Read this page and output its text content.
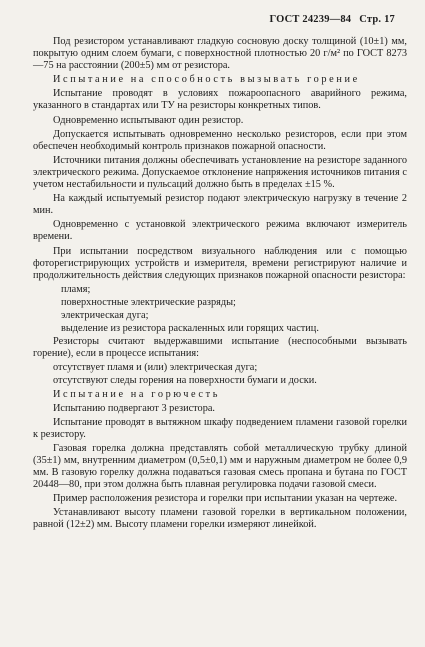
ГОСТ 24239—84 Стр. 17

Под резистором устанавливают гладкую сосновую доску толщиной (10±1) мм, покрытую одним слоем бумаги, с поверхностной плотностью 20 г/м² по ГОСТ 8273—75 на расстоянии (200±5) мм от резистора.

Испытание на способность вызывать горение

Испытание проводят в условиях пожароопасного аварийного режима, указанного в стандартах или ТУ на резисторы конкретных типов.

Одновременно испытывают один резистор.

Допускается испытывать одновременно несколько резисторов, если при этом обеспечен необходимый контроль признаков пожарной опасности.

Источники питания должны обеспечивать установление на резисторе заданного электрического режима. Допускаемое отклонение напряжения источников питания с учетом нестабильности и пульсаций должно быть в пределах ±15 %.

На каждый испытуемый резистор подают электрическую нагрузку в течение 2 мин.

Одновременно с установкой электрического режима включают измеритель времени.

При испытании посредством визуального наблюдения или с помощью фоторегистрирующих устройств и измерителя, времени регистрируют наличие и продолжительность действия следующих признаков пожарной опасности резистора:

пламя;

поверхностные электрические разряды;

электрическая дуга;

выделение из резистора раскаленных или горящих частиц.

Резисторы считают выдержавшими испытание (неспособными вызывать горение), если в процессе испытания:

отсутствует пламя и (или) электрическая дуга;

отсутствуют следы горения на поверхности бумаги и доски.

Испытание на горючесть

Испытанию подвергают 3 резистора.

Испытание проводят в вытяжном шкафу подведением пламени газовой горелки к резистору.

Газовая горелка должна представлять собой металлическую трубку длиной (35±1) мм, внутренним диаметром (0,5±0,1) мм и наружным диаметром не более 0,9 мм. В газовую горелку должна подаваться газовая смесь пропана и бутана по ГОСТ 20448—80, при этом должна быть плавная регулировка подачи газовой смеси.

Пример расположения резистора и горелки при испытании указан на чертеже.

Устанавливают высоту пламени газовой горелки в вертикальном положении, равной (12±2) мм. Высоту пламени горелки измеряют линейкой.
